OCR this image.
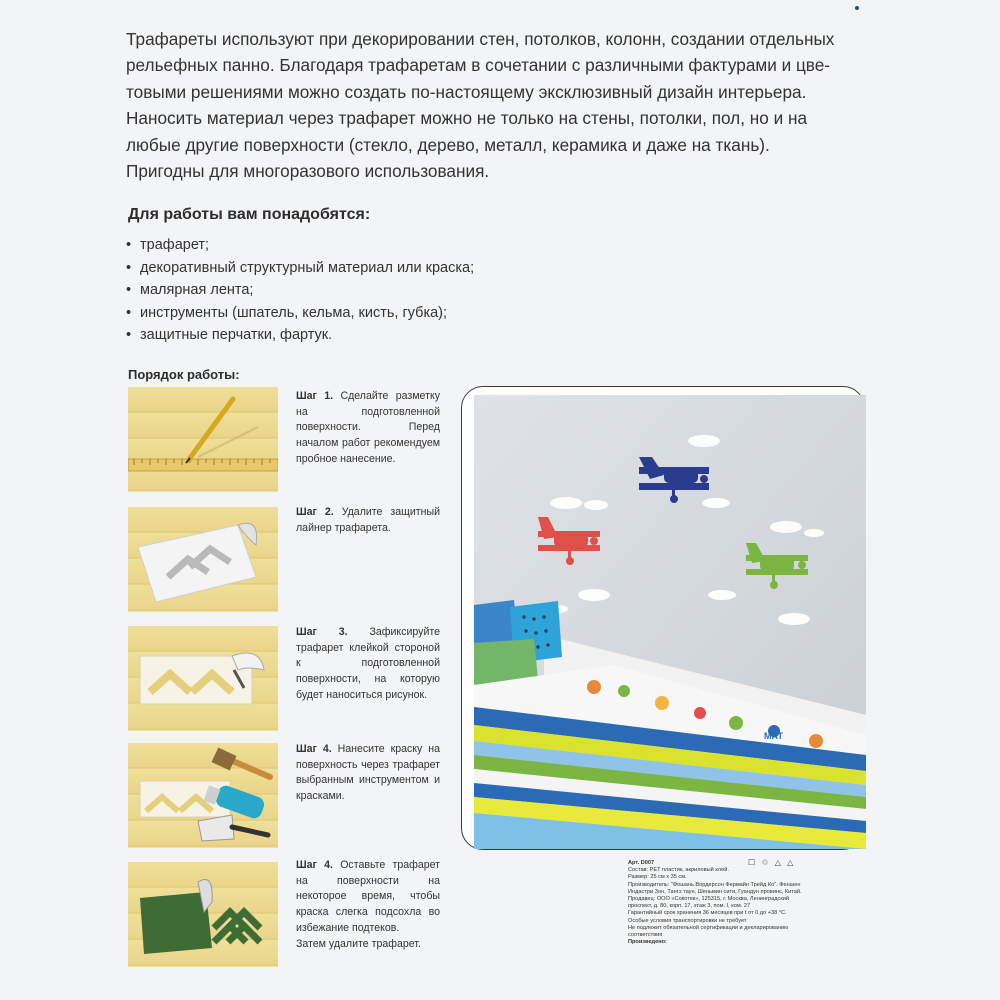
Трафареты используют при декорировании стен, потолков, колонн, создании отдельных

рельефных панно. Благодаря трафаретам в сочетании с различными фактурами и цве-

товыми решениями можно создать по-настоящему эксклюзивный дизайн интерьера.

Наносить материал через трафарет можно не только на стены, потолки, пол, но и на

любые другие поверхности (стекло, дерево, металл, керамика и даже на ткань).

Пригодны для многоразового использования.

Для работы вам понадобятся:
• трафарет;
• декоративный структурный материал или краска;
• малярная лента;
• инструменты (шпатель, кельма, кисть, губка);
• защитные перчатки, фартук.
Порядок работы:
Шаг 1. Сделайте разметку на подготовленной поверхности. Перед началом работ рекомендуем пробное нанесение.
Шаг 2. Удалите защитный лайнер трафарета.
Шаг 3. Зафиксируйте трафарет клейкой стороной к подготовленной поверхности, на которую будет наноситься рисунок.
Шаг 4. Нанесите краску на поверхность через трафарет выбранным инструментом и красками.
Шаг 4. Оставьте трафарет на поверхности на некоторое время, чтобы краска слегка подсохла во избежание подтеков.
Затем удалите трафарет.
МАТ
☐ ♲ △ △
Арт. D007
Состав: PET пластик, акриловый клей.
Размер: 25 см х 35 см.
Производитель: "Фошань Вордерсон Фермайн Трейд Ко". Феншен Индастри Зон, Тангэ таун, Шеньмин сити, Гуандун провинс, Китай.
Продавец: ООО «Сокотек», 125315, г. Москва, Ленинградский проспект, д. 80, корп. 17, этаж 3, пом. I, ком. 27
Гарантийный срок хранения 36 месяцев при t от 0 до +38 °С.
Особые условия транспортировки не требует
Не подлежит обязательной сертификации и декларированию соответствия
Произведено:
